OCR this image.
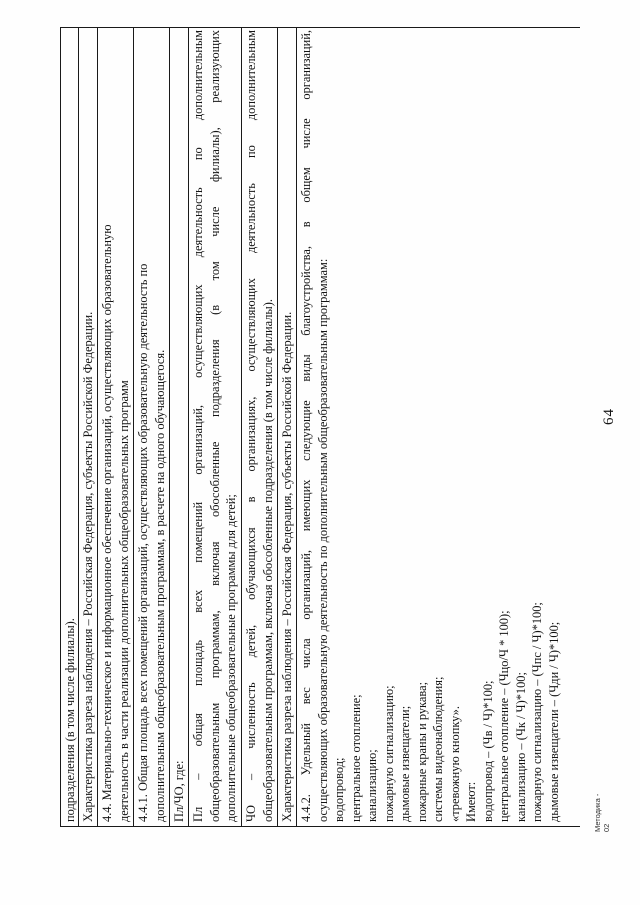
64
Методика - 02
подразделения (в том числе филиалы). Характеристика разреза наблюдения – Российская Федерация, субъекты Российской Федерации. 4.4. Материально-техническое и информационное обеспечение организаций, осуществляющих образовательную деятельность в части реализации дополнительных общеобразовательных программ 4.4.1. Общая площадь всех помещений организаций, осуществляющих образовательную деятельность по дополнительным общеобразовательным программам, в расчете на одного обучающегося. Пл/ЧО, где: Пл – общая площадь всех помещений организаций, осуществляющих деятельность по дополнительным общеобразовательным программам, включая обособленные подразделения (в том числе филиалы), реализующих дополнительные общеобразовательные программы для детей; ЧО – численность детей, обучающихся в организациях, осуществляющих деятельность по дополнительным общеобразовательным программам, включая обособленные подразделения (в том числе филиалы). Характеристика разреза наблюдения – Российская Федерация, субъекты Российской Федерации. 4.4.2. Удельный вес числа организаций, имеющих следующие виды благоустройства, в общем числе организаций, осуществляющих образовательную деятельность по дополнительным общеобразовательным программам: водопровод; центральное отопление; канализацию; пожарную сигнализацию; дымовые извещатели; пожарные краны и рукава; системы видеонаблюдения; «тревожную кнопку». Имеют: водопровод – (Чв / Ч)*100; центральное отопление – (Чцо/Ч * 100); канализацию – (Чк / Ч)*100; пожарную сигнализацию – (Чпс / Ч)*100; дымовые извещатели – (Чди / Ч)*100;
